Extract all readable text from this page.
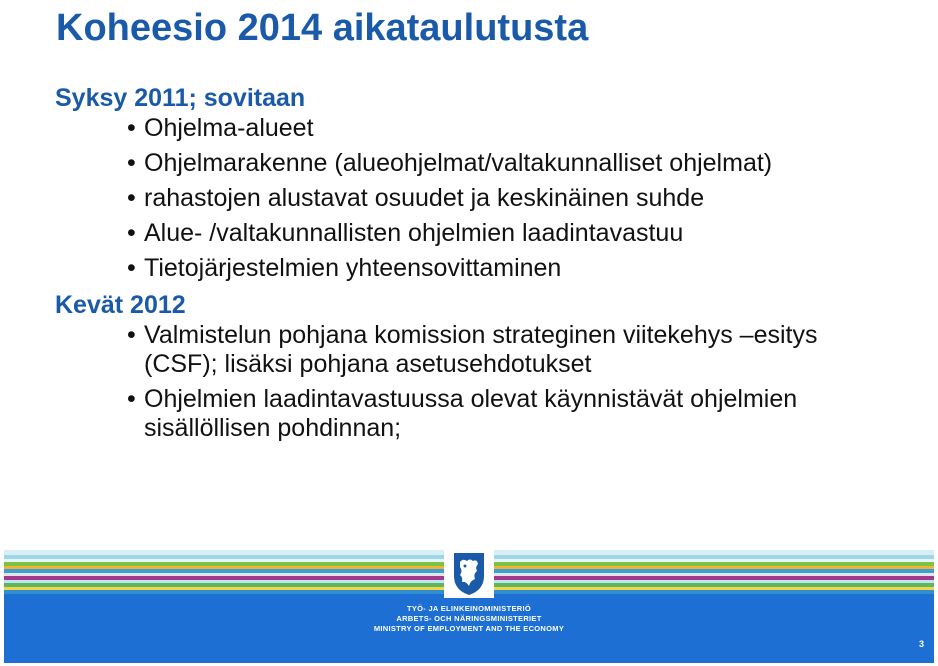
Koheesio 2014 aikataulutusta

Syksy 2011; sovitaan

• Ohjelma-alueet
• Ohjelmarakenne (alueohjelmat/valtakunnalliset ohjelmat)
• rahastojen alustavat osuudet ja keskinäinen suhde
• Alue- /valtakunnallisten ohjelmien laadintavastuu
• Tietojärjestelmien yhteensovittaminen

Kevät 2012

• Valmistelun pohjana komission strateginen viitekehys –esitys (CSF); lisäksi pohjana asetusehdotukset
• Ohjelmien laadintavastuussa olevat käynnistävät ohjelmien sisällöllisen pohdinnan;
TYÖ- JA ELINKEINOMINISTERIÖ
ARBETS- OCH NÄRINGSMINISTERIET
MINISTRY OF EMPLOYMENT AND THE ECONOMY
3
